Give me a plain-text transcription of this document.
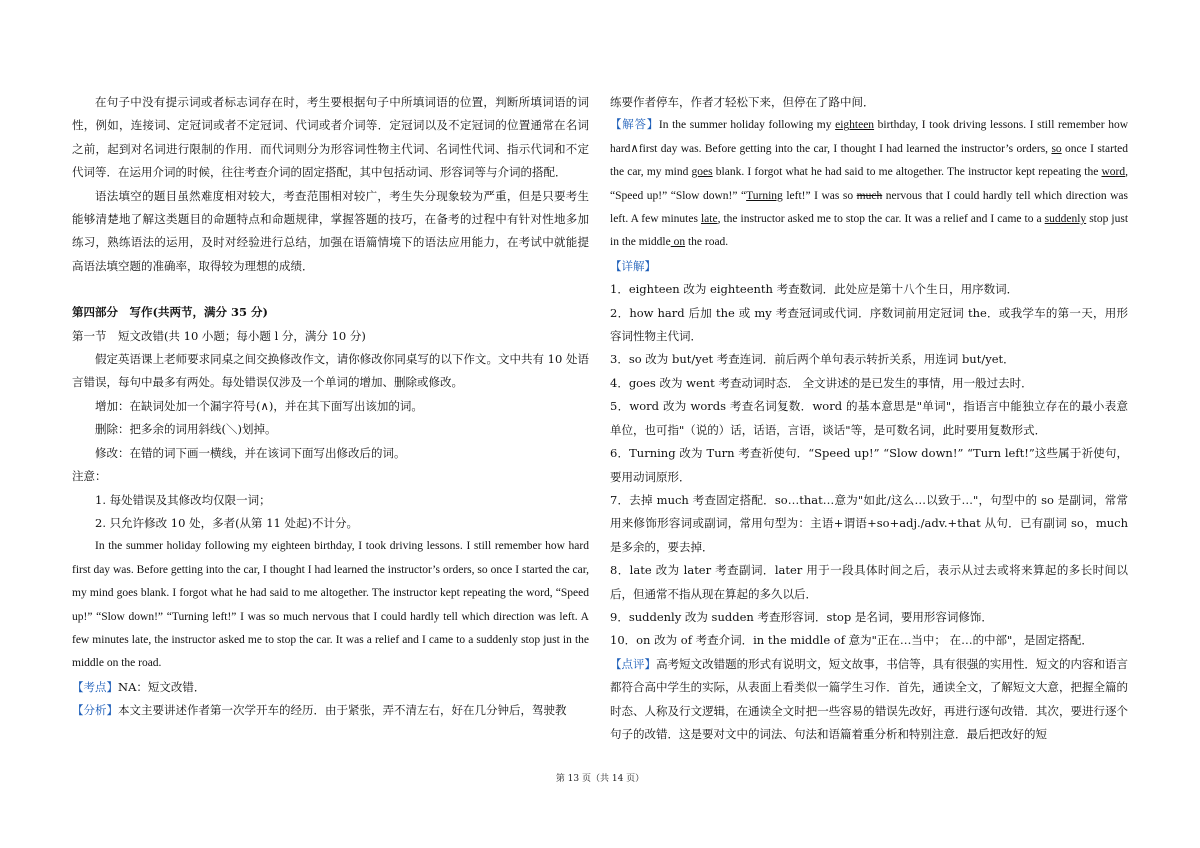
在句子中没有提示词或者标志词存在时，考生要根据句子中所填词语的位置，判断所填词语的词性，例如，连接词、定冠词或者不定冠词、代词或者介词等．定冠词以及不定冠词的位置通常在名词之前，起到对名词进行限制的作用．而代词则分为形容词性物主代词、名词性代词、指示代词和不定代词等．在运用介词的时候，往往考查介词的固定搭配，其中包括动词、形容词等与介词的搭配．

语法填空的题目虽然难度相对较大，考查范围相对较广，考生失分现象较为严重，但是只要考生能够清楚地了解这类题目的命题特点和命题规律，掌握答题的技巧，在备考的过程中有针对性地多加练习，熟练语法的运用，及时对经验进行总结，加强在语篇情境下的语法应用能力，在考试中就能提高语法填空题的准确率，取得较为理想的成绩．

第四部分　写作(共两节，满分 35 分)

第一节　短文改错(共 10 小题；每小题 l 分，满分 10 分)

假定英语课上老师要求同桌之间交换修改作文，请你修改你同桌写的以下作文。文中共有 10 处语言错误，每句中最多有两处。每处错误仅涉及一个单词的增加、删除或修改。

增加：在缺词处加一个漏字符号(∧)，并在其下面写出该加的词。

删除：把多余的词用斜线(＼)划掉。

修改：在错的词下画一横线，并在该词下面写出修改后的词。

注意：

1. 每处错误及其修改均仅限一词；

2. 只允许修改 10 处，多者(从第 11 处起)不计分。

In the summer holiday following my eighteen birthday, I took driving lessons. I still remember how hard first day was. Before getting into the car, I thought I had learned the instructor’s orders, so once I started the car, my mind goes blank. I forgot what he had said to me altogether. The instructor kept repeating the word, “Speed up!” “Slow down!” “Turning left!” I was so much nervous that I could hardly tell which direction was left. A few minutes late, the instructor asked me to stop the car. It was a relief and I came to a suddenly stop just in the middle on the road.

【 考点 】 NA：短文改错．

【 分析 】 本文主要讲述作者第一次学开车的经历．由于紧张，弄不清左右，好在几分钟后，驾驶教

练要作者停车，作者才轻松下来，但停在了路中间．

【 解答 】 In the summer holiday following my eighteen birthday, I took driving lessons. I still remember how hard∧first day was. Before getting into the car, I thought I had learned the instructor’s orders, so once I started the car, my mind goes blank. I forgot what he had said to me altogether. The instructor kept repeating the word, “Speed up!” “Slow down!” “Turning left!” I was so much nervous that I could hardly tell which direction was left. A few minutes late, the instructor asked me to stop the car. It was a relief and I came to a suddenly stop just in the middle on the road.

【 详解 】

1．eighteen 改为 eighteenth 考查数词．此处应是第十八个生日，用序数词．

2．how hard 后加 the 或 my 考查冠词或代词．序数词前用定冠词 the．或我学车的第一天，用形容词性物主代词．

3．so 改为 but/yet 考查连词．前后两个单句表示转折关系，用连词 but/yet．

4．goes 改为 went 考查动词时态． 全文讲述的是已发生的事情，用一般过去时．

5．word 改为 words 考查名词复数．word 的基本意思是"单词"，指语言中能独立存在的最小表意单位，也可指"（说的）话，话语，言语，谈话"等，是可数名词，此时要用复数形式．

6．Turning 改为 Turn 考查祈使句．“Speed up!” “Slow down!” “Turn left!”这些属于祈使句，要用动词原形．

7．去掉 much 考查固定搭配．so…that…意为"如此/这么…以致于…"，句型中的 so 是副词，常常用来修饰形容词或副词，常用句型为：主语+谓语+so+adj./adv.+that 从句．已有副词 so，much 是多余的，要去掉．

8．late 改为 later 考查副词．later 用于一段具体时间之后，表示从过去或将来算起的多长时间以后，但通常不指从现在算起的多久以后．

9．suddenly 改为 sudden 考查形容词．stop 是名词，要用形容词修饰．

10．on 改为 of 考查介词．in the middle of 意为"正在…当中； 在…的中部"，是固定搭配．

【 点评 】 高考短文改错题的形式有说明文，短文故事，书信等，具有很强的实用性．短文的内容和语言都符合高中学生的实际，从表面上看类似一篇学生习作．首先，通读全文，了解短文大意，把握全篇的时态、人称及行文逻辑，在通读全文时把一些容易的错误先改好，再进行逐句改错．其次，要进行逐个句子的改错．这是要对文中的词法、句法和语篇着重分析和特别注意．最后把改好的短

第 13 页（共 14 页）
